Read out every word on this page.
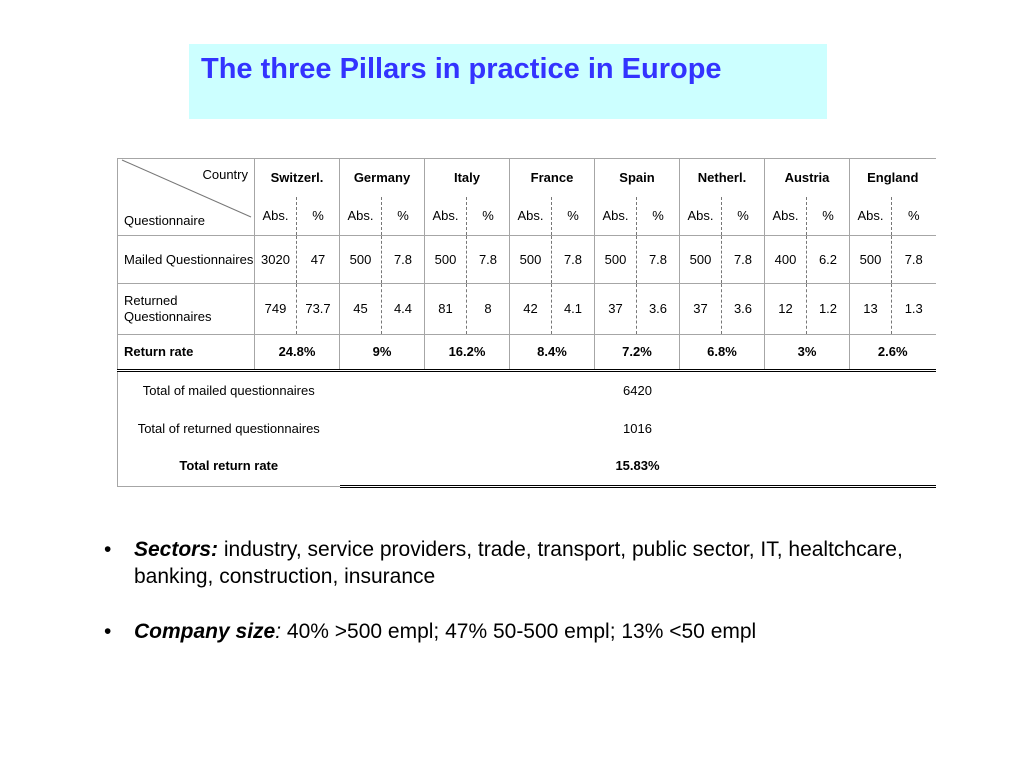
The three Pillars in practice in Europe
Country
Questionnaire	Switzerl.		Germany		Italy		France		Spain		Netherl.		Austria		England	
	Abs.	%	Abs.	%	Abs.	%	Abs.	%	Abs.	%	Abs.	%	Abs.	%	Abs.	%
Mailed Questionnaires	3020	47	500	7.8	500	7.8	500	7.8	500	7.8	500	7.8	400	6.2	500	7.8
Returned Questionnaires	749	73.7	45	4.4	81	8	42	4.1	37	3.6	37	3.6	12	1.2	13	1.3
Return rate	24.8%		9%		16.2%		8.4%		7.2%		6.8%		3%		2.6%	
Total of mailed questionnaires			6420													
Total of returned questionnaires			1016													
Total return rate			15.83%													
• Sectors: industry, service providers, trade, transport, public sector, IT, healtchcare, banking, construction, insurance
• Company size: 40% >500 empl; 47% 50-500 empl; 13% <50 empl
